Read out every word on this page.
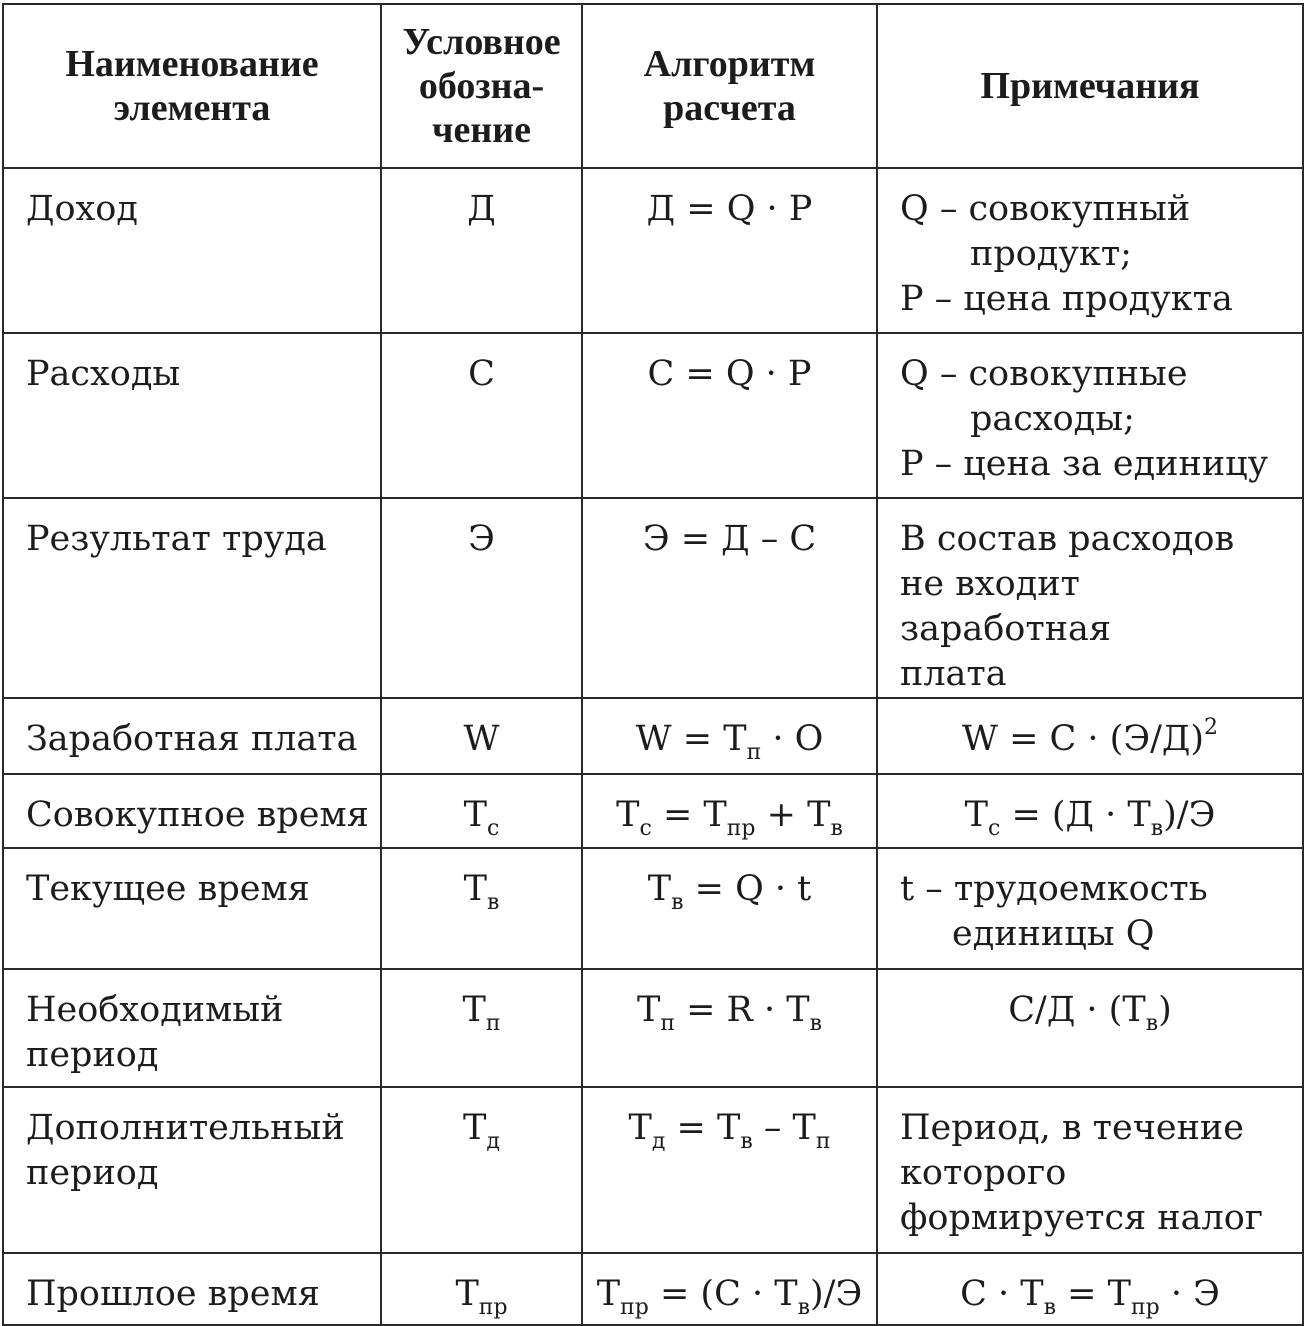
Наименование
элемента	Условное
обозна-
чение	Алгоритм
расчета	Примечания
Доход	Д	Д = Q · P	Q – совокупный
продукт;
P – цена продукта

Расходы	С	С = Q · P	Q – совокупные
расходы;
P – цена за единицу

Результат труда	Э	Э = Д – С	В состав расходов
не входит заработная
плата

Заработная плата	W	$W = T_п \cdot O$	$W = C \cdot (Э/Д)^2$
Совокупное время	$T_с$	$T_с = T_{пр} + T_в$	$T_с = (Д \cdot T_в)/Э$
Текущее время	$T_в$	$T_в = Q \cdot t$	t – трудоемкость
единицы Q

Необходимый
период	$T_п$	$T_п = R \cdot T_в$	$С/Д \cdot (T_в)$

Дополнительный
период	$T_д$	$T_д = T_в - T_п$	Период, в течение
которого
формируется налог

Прошлое время	$T_{пр}$	$T_{пр} = (С \cdot T_в)/Э$	$С \cdot T_в = T_{пр} \cdot Э$
